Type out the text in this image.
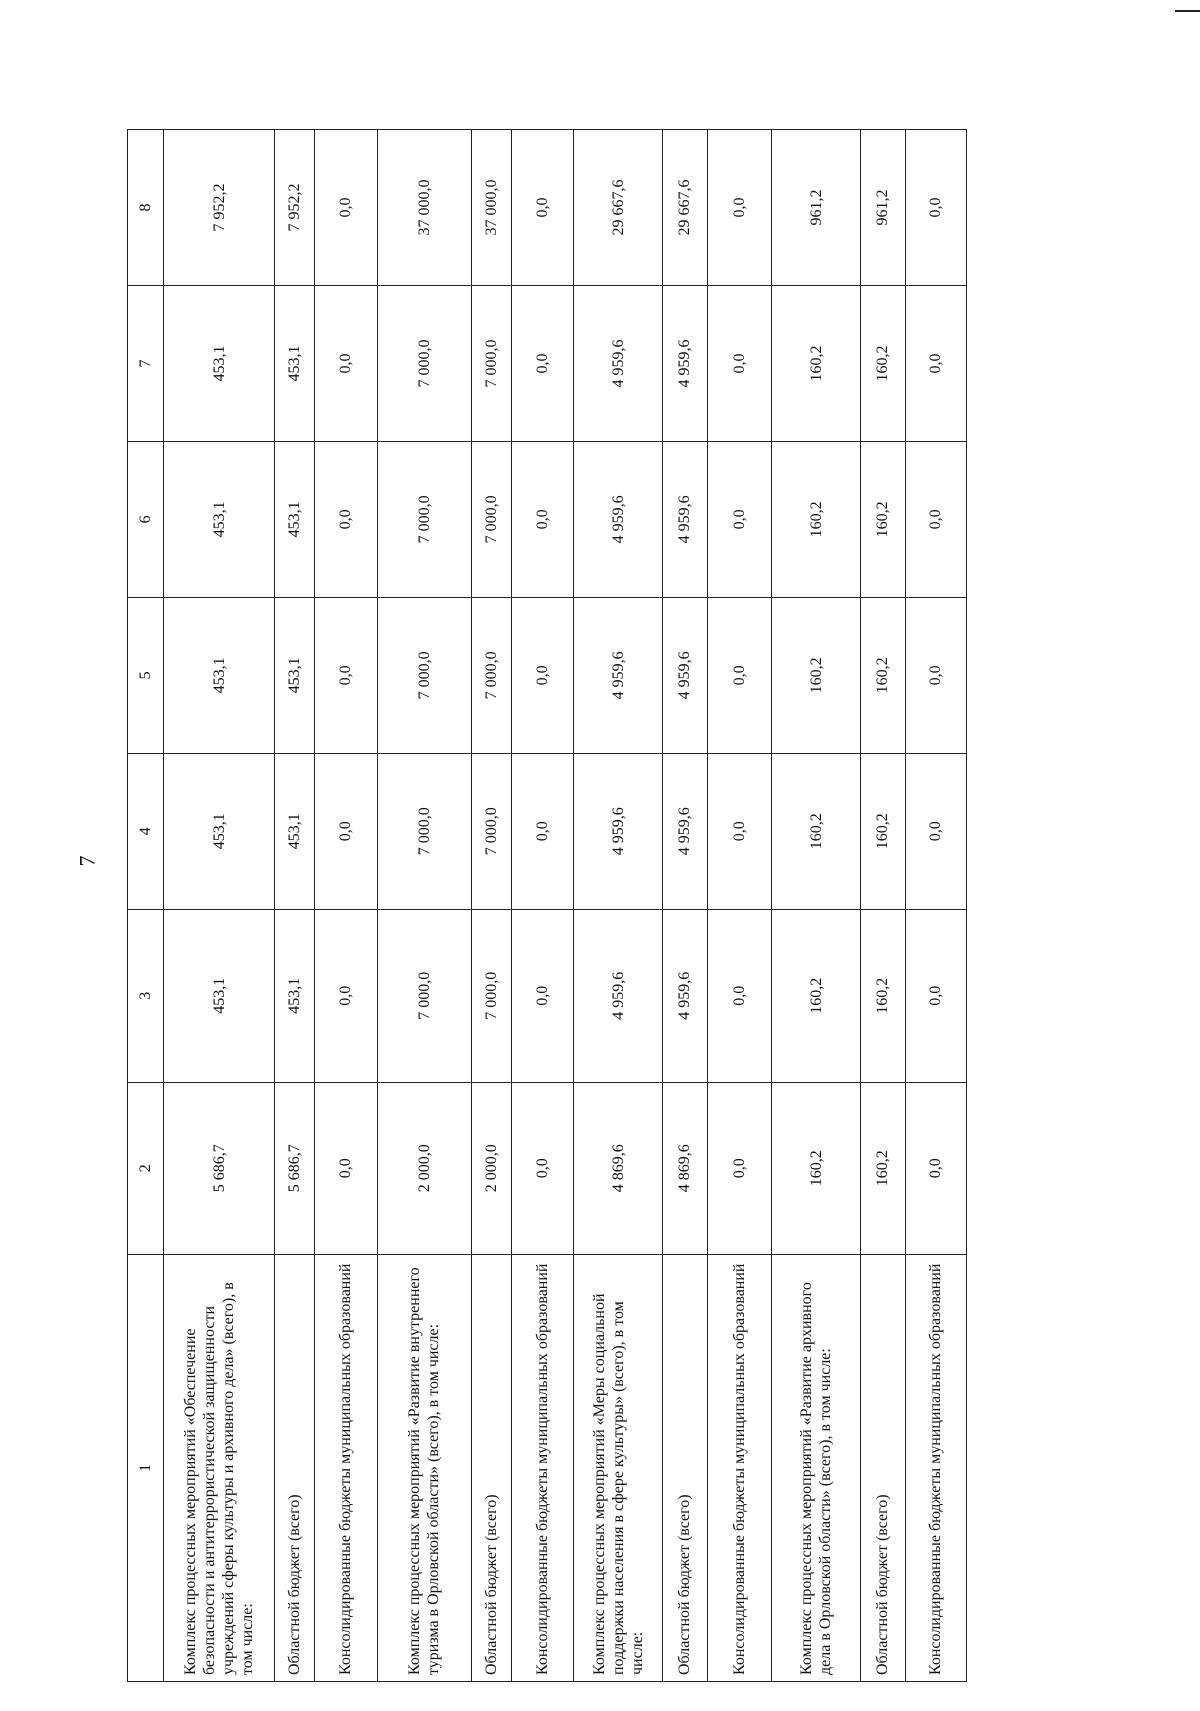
7
1	2	3	4	5	6	7	8
Комплекс процессных мероприятий «Обеспечение безопасности и антитеррористической защищенности учреждений сферы культуры и архивного дела» (всего), в том числе:	5 686,7	453,1	453,1	453,1	453,1	453,1	7 952,2
Областной бюджет (всего)	5 686,7	453,1	453,1	453,1	453,1	453,1	7 952,2
Консолидированные бюджеты муниципальных образований	0,0	0,0	0,0	0,0	0,0	0,0	0,0
Комплекс процессных мероприятий «Развитие внутреннего туризма в Орловской области» (всего), в том числе:	2 000,0	7 000,0	7 000,0	7 000,0	7 000,0	7 000,0	37 000,0
Областной бюджет (всего)	2 000,0	7 000,0	7 000,0	7 000,0	7 000,0	7 000,0	37 000,0
Консолидированные бюджеты муниципальных образований	0,0	0,0	0,0	0,0	0,0	0,0	0,0
Комплекс процессных мероприятий «Меры социальной поддержки населения в сфере культуры» (всего), в том числе:	4 869,6	4 959,6	4 959,6	4 959,6	4 959,6	4 959,6	29 667,6
Областной бюджет (всего)	4 869,6	4 959,6	4 959,6	4 959,6	4 959,6	4 959,6	29 667,6
Консолидированные бюджеты муниципальных образований	0,0	0,0	0,0	0,0	0,0	0,0	0,0
Комплекс процессных мероприятий «Развитие архивного дела в Орловской области» (всего), в том числе:	160,2	160,2	160,2	160,2	160,2	160,2	961,2
Областной бюджет (всего)	160,2	160,2	160,2	160,2	160,2	160,2	961,2
Консолидированные бюджеты муниципальных образований	0,0	0,0	0,0	0,0	0,0	0,0	0,0
